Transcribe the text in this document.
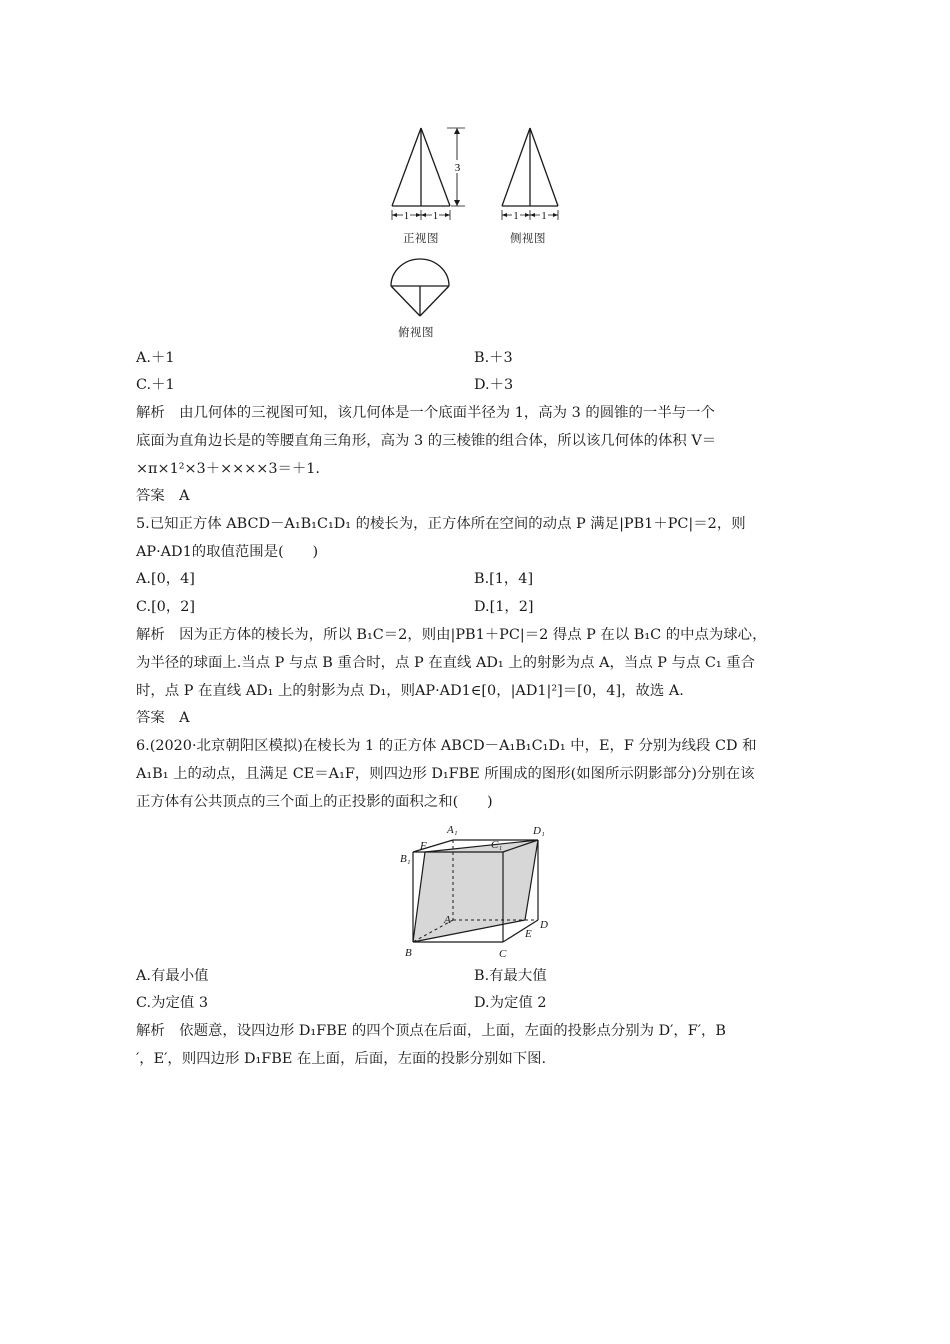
3
1 1
正视图
1 1
侧视图
俯视图
A.＋1	B.＋3
C.＋1	D.＋3
解析　由几何体的三视图可知，该几何体是一个底面半径为 1，高为 3 的圆锥的一半与一个
底面为直角边长是的等腰直角三角形，高为 3 的三棱锥的组合体，所以该几何体的体积 V＝
×π×1²×3＋××××3＝＋1.
答案　A
5.已知正方体 ABCD－A₁B₁C₁D₁ 的棱长为，正方体所在空间的动点 P 满足|PB1＋PC|＝2，则
AP·AD1的取值范围是(　　)
A.[0，4]	B.[1，4]
C.[0，2]	D.[1，2]
解析　因为正方体的棱长为，所以 B₁C＝2，则由|PB1＋PC|＝2 得点 P 在以 B₁C 的中点为球心，
为半径的球面上.当点 P 与点 B 重合时，点 P 在直线 AD₁ 上的射影为点 A，当点 P 与点 C₁ 重合
时，点 P 在直线 AD₁ 上的射影为点 D₁，则AP·AD1∈[0，|AD1|²]＝[0，4]，故选 A.
答案　A
6.(2020·北京朝阳区模拟)在棱长为 1 的正方体 ABCD－A₁B₁C₁D₁ 中，E，F 分别为线段 CD 和
A₁B₁ 上的动点，且满足 CE＝A₁F，则四边形 D₁FBE 所围成的图形(如图所示阴影部分)分别在该
正方体有公共顶点的三个面上的正投影的面积之和(　　)
A₁	D₁
B₁
F	C₁
A	D
E
B	C
A.有最小值	B.有最大值
C.为定值 3	D.为定值 2
解析　依题意，设四边形 D₁FBE 的四个顶点在后面，上面，左面的投影点分别为 D′，F′，B
′，E′，则四边形 D₁FBE 在上面，后面，左面的投影分别如下图.
